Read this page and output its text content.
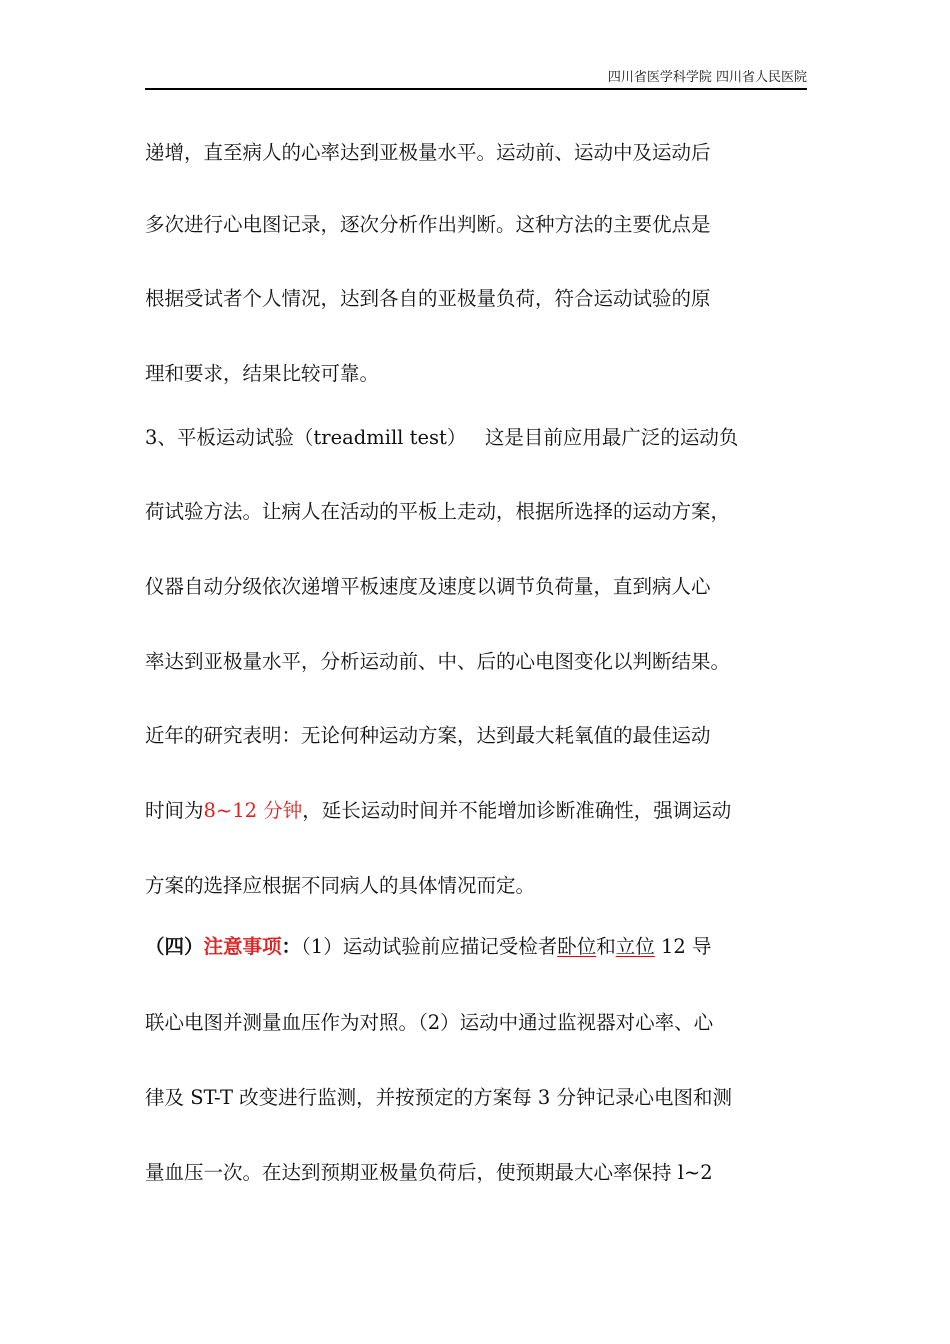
四川省医学科学院 四川省人民医院
递增，直至病人的心率达到亚极量水平。运动前、运动中及运动后
多次进行心电图记录，逐次分析作出判断。这种方法的主要优点是
根据受试者个人情况，达到各自的亚极量负荷，符合运动试验的原
理和要求，结果比较可靠。
3、平板运动试验（treadmill test）   这是目前应用最广泛的运动负
荷试验方法。让病人在活动的平板上走动，根据所选择的运动方案，
仪器自动分级依次递增平板速度及速度以调节负荷量，直到病人心
率达到亚极量水平，分析运动前、中、后的心电图变化以判断结果。
近年的研究表明：无论何种运动方案，达到最大耗氧值的最佳运动
时间为8~12 分钟，延长运动时间并不能增加诊断准确性，强调运动
方案的选择应根据不同病人的具体情况而定。
（四）注意事项：（1）运动试验前应描记受检者卧位和立位 12 导
联心电图并测量血压作为对照。（2）运动中通过监视器对心率、心
律及 ST-T 改变进行监测，并按预定的方案每 3 分钟记录心电图和测
量血压一次。在达到预期亚极量负荷后，使预期最大心率保持 l~2
